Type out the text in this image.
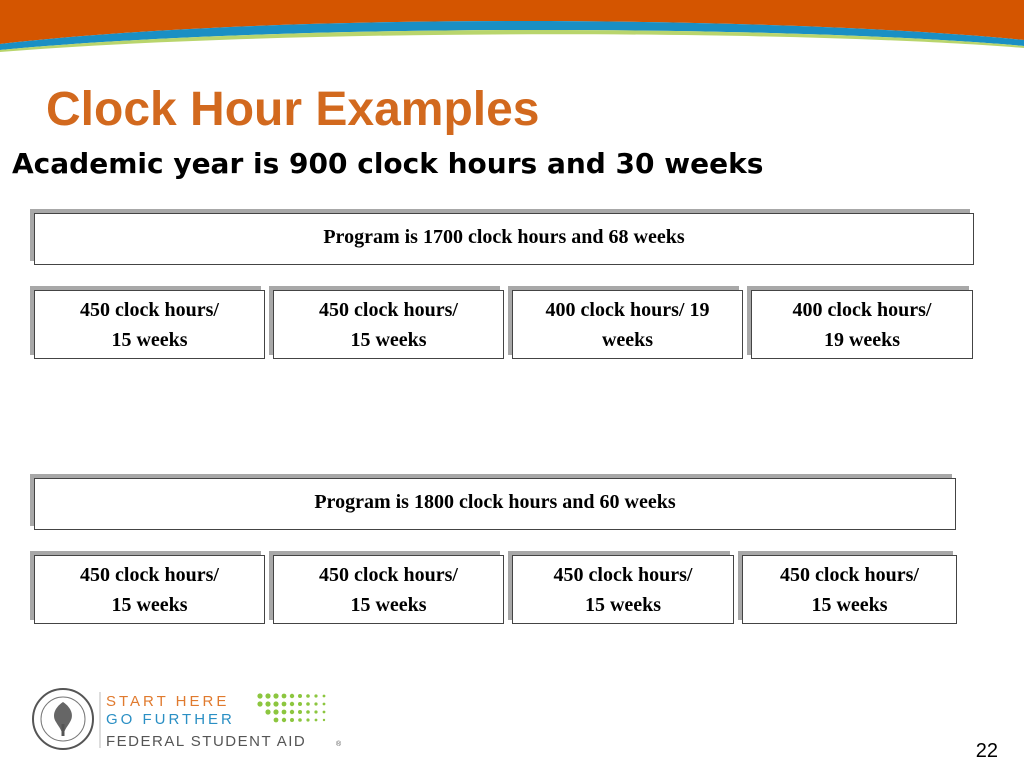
Clock Hour Examples
Academic year is 900 clock hours and 30 weeks
Program is 1700 clock hours and 68 weeks
450 clock hours/
15 weeks
450 clock hours/
15 weeks
400 clock hours/ 19
weeks
400 clock hours/
19 weeks
Program is 1800 clock hours and 60 weeks
450 clock hours/
15 weeks
450 clock hours/
15 weeks
450 clock hours/
15 weeks
450 clock hours/
15 weeks
START HERE
GO FURTHER
FEDERAL STUDENT AID	®	22
